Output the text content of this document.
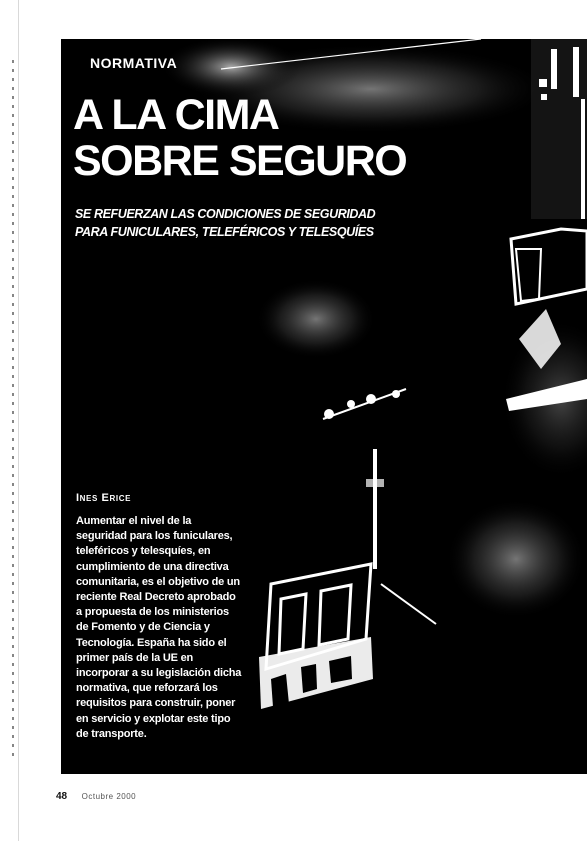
NORMATIVA
A LA CIMA
SOBRE SEGURO
SE REFUERZAN LAS CONDICIONES DE SEGURIDAD
PARA FUNICULARES, TELEFÉRICOS Y TELESQUÍES
Ines Erice
Aumentar el nivel de la
seguridad para los funiculares,
teleféricos y telesquíes, en
cumplimiento de una directiva
comunitaria, es el objetivo de un
reciente Real Decreto aprobado
a propuesta de los ministerios
de Fomento y de Ciencia y
Tecnología. España ha sido el
primer país de la UE en
incorporar a su legislación dicha
normativa, que reforzará los
requisitos para construir, poner
en servicio y explotar este tipo
de transporte.
48 Octubre 2000
